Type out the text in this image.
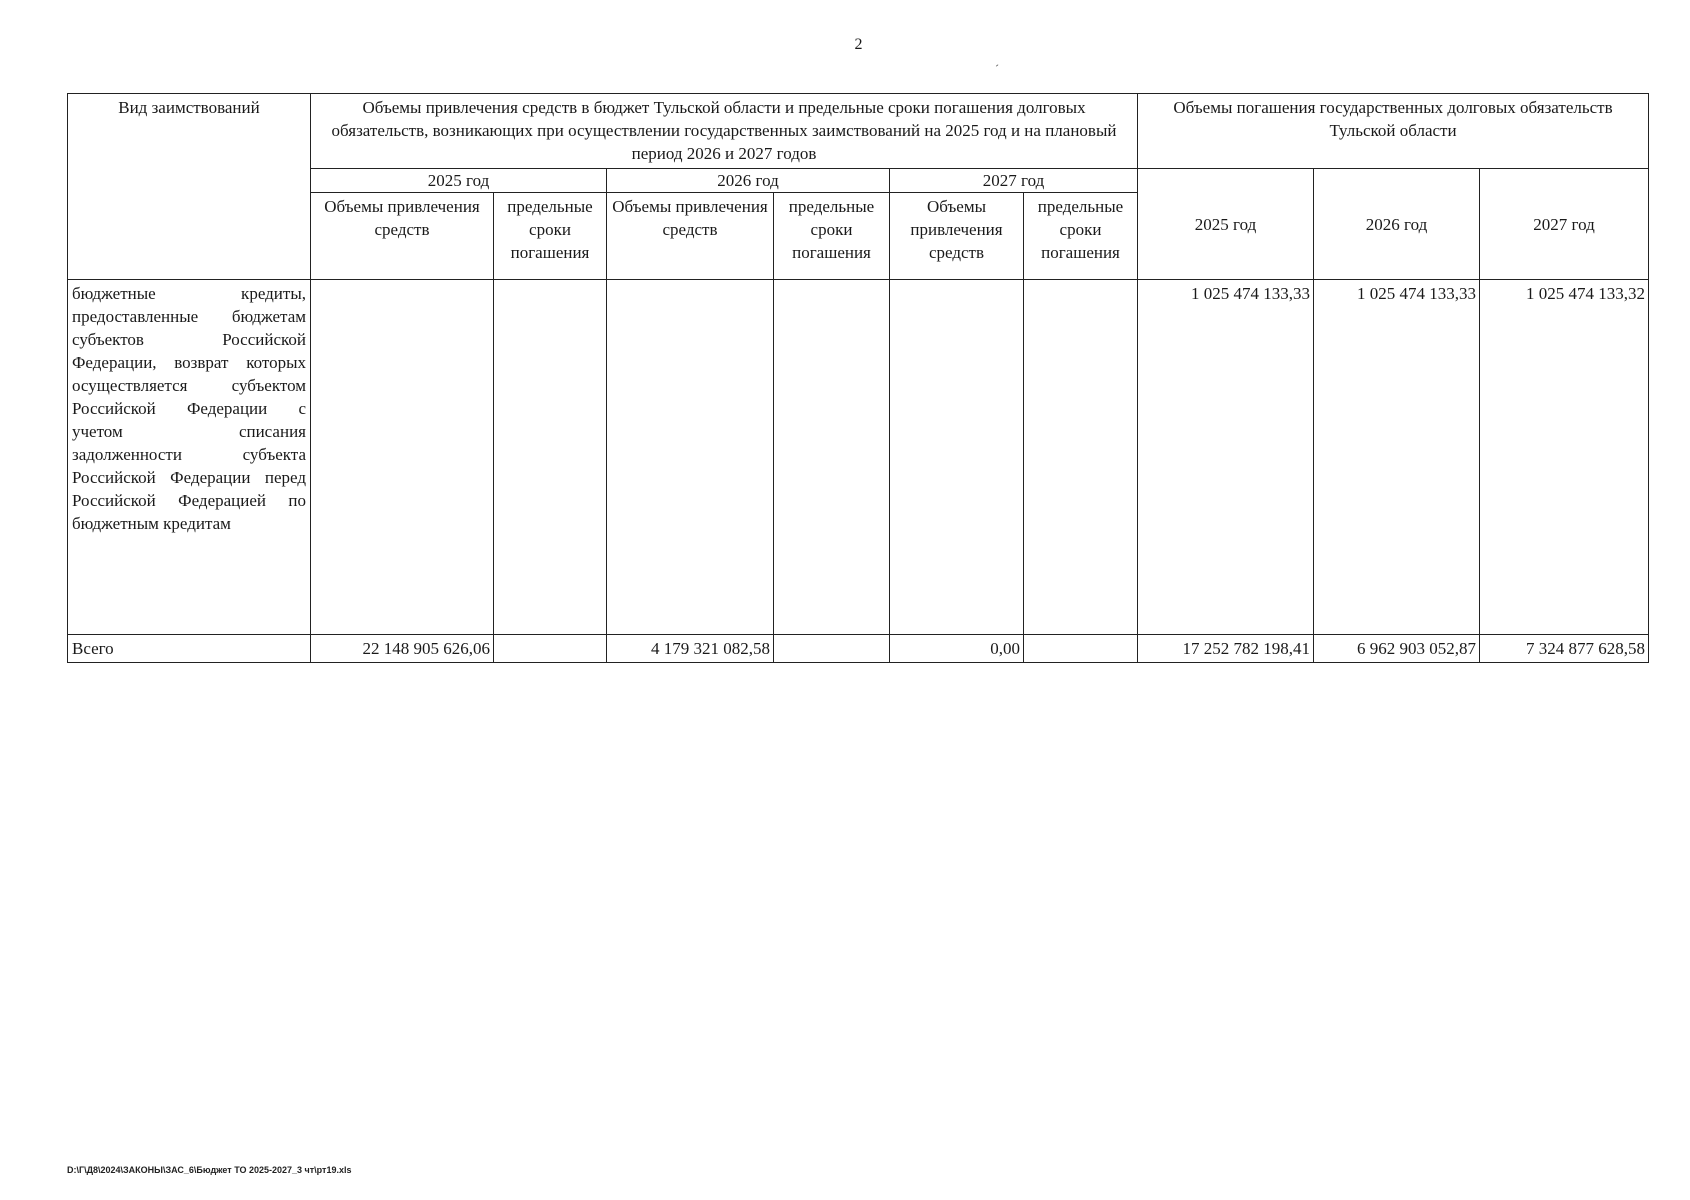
2
ˊ
Вид заимствований	Объемы привлечения средств в бюджет Тульской области и предельные сроки погашения долговых обязательств, возникающих при осуществлении государственных заимствований на 2025 год и на плановый период 2026 и 2027 годов						Объемы погашения государственных долговых обязательств Тульской области		
	2025 год		2026 год		2027 год		2025 год	2026 год	2027 год
	Объемы привлечения средств	предельные сроки погашения	Объемы привлечения средств	предельные сроки погашения	Объемы привлечения средств	предельные сроки погашения			
бюджетные кредиты, предоставленные бюджетам субъектов Российской Федерации, возврат которых осуществляется субъектом Российской Федерации с учетом списания задолженности субъекта Российской Федерации перед Российской Федерацией по бюджетным кредитам							1 025 474 133,33	1 025 474 133,33	1 025 474 133,32
Всего	22 148 905 626,06		4 179 321 082,58		0,00		17 252 782 198,41	6 962 903 052,87	7 324 877 628,58
D:\Г\Д8\2024\ЗАКОНЫ\ЗАС_6\Бюджет ТО 2025-2027_3 чт\рт19.xls
